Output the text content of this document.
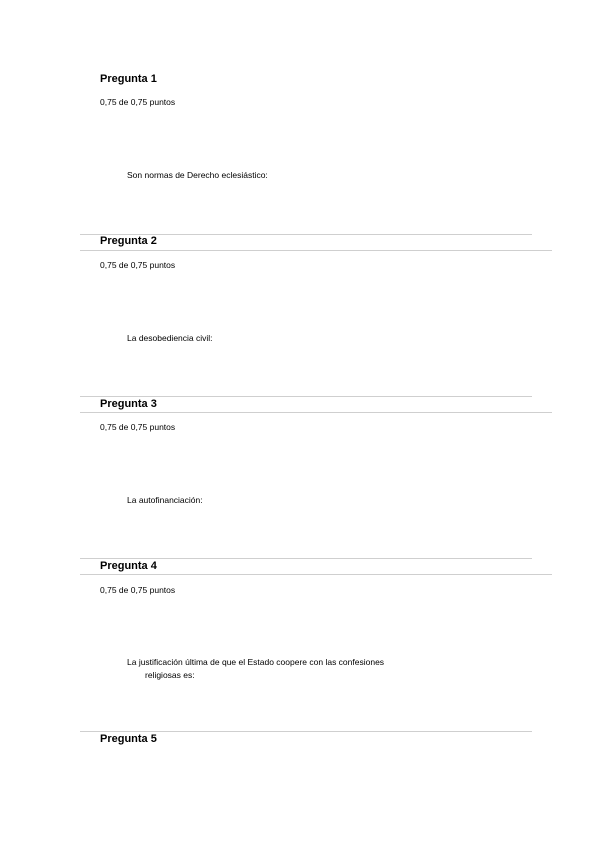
Pregunta 1
0,75 de 0,75 puntos
Son normas de Derecho eclesiástico:
Pregunta 2
0,75 de 0,75 puntos
La desobediencia civil:
Pregunta 3
0,75 de 0,75 puntos
La autofinanciación:
Pregunta 4
0,75 de 0,75 puntos
La justificación última de que el Estado coopere con las confesiones
religiosas es:
Pregunta 5
